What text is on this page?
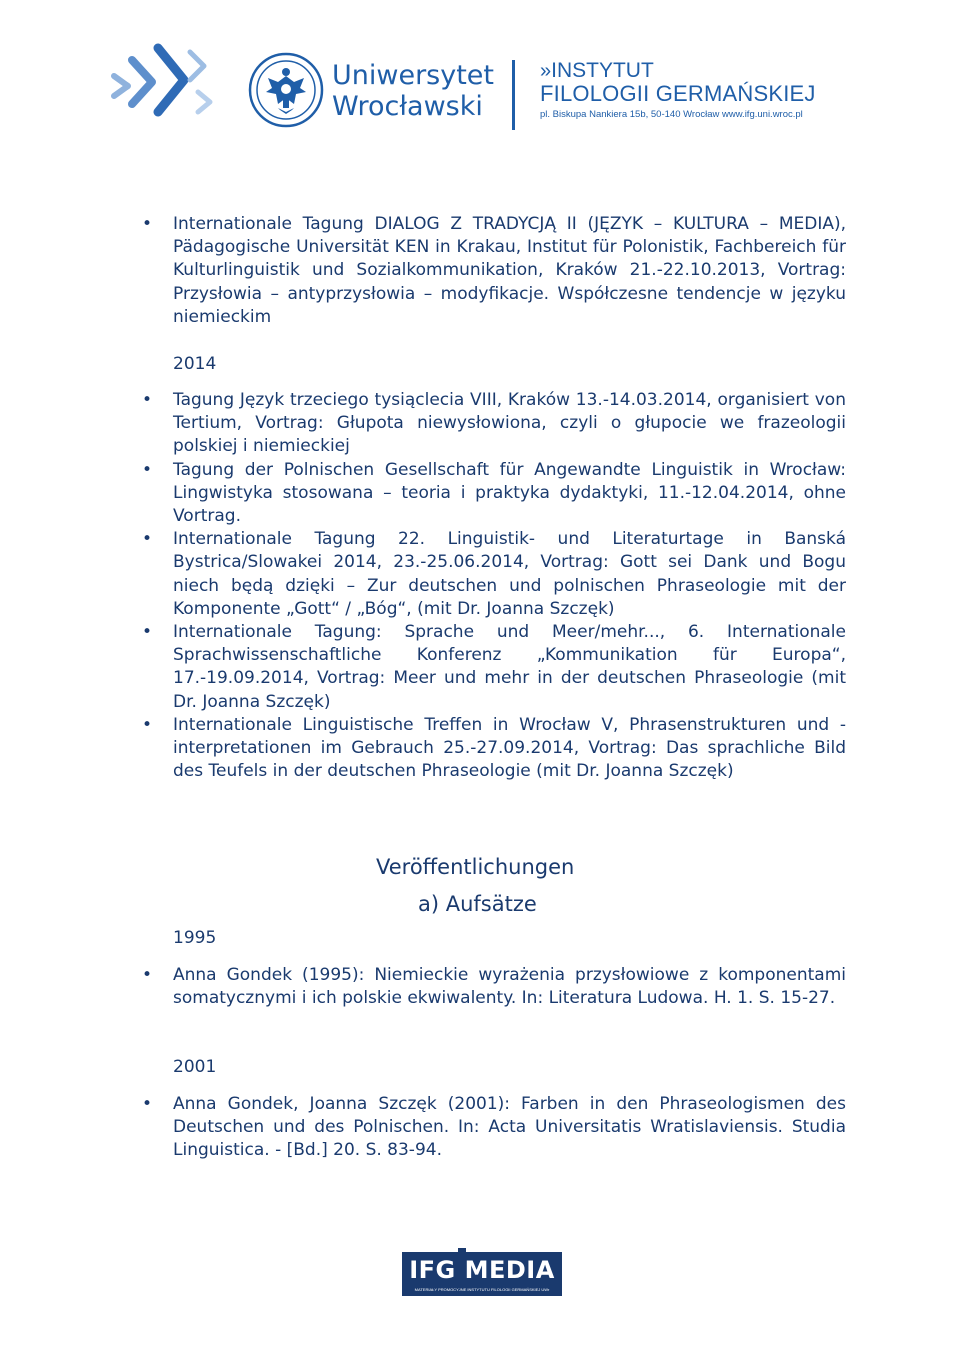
Uniwersytet
Wrocławski
»INSTYTUT
FILOLOGII GERMAŃSKIEJ
pl. Biskupa Nankiera 15b, 50-140 Wrocław www.ifg.uni.wroc.pl
• Internationale Tagung DIALOG Z TRADYCJĄ II (JĘZYK – KULTURA – MEDIA), Pädagogische Universität KEN in Krakau, Institut für Polonistik, Fachbereich für Kulturlinguistik und Sozialkommunikation, Kraków 21.-22.10.2013, Vortrag: Przysłowia – antyprzysłowia – modyfikacje. Współczesne tendencje w języku niemieckim
2014
• Tagung Język trzeciego tysiąclecia VIII, Kraków 13.-14.03.2014, organisiert von Tertium, Vortrag: Głupota niewysłowiona, czyli o głupocie we frazeologii polskiej i niemieckiej
• Tagung der Polnischen Gesellschaft für Angewandte Linguistik in Wrocław: Lingwistyka stosowana – teoria i praktyka dydaktyki, 11.-12.04.2014, ohne Vortrag.
• Internationale Tagung 22. Linguistik- und Literaturtage in Banská Bystrica/Slowakei 2014, 23.-25.06.2014, Vortrag: Gott sei Dank und Bogu niech będą dzięki – Zur deutschen und polnischen Phraseologie mit der Komponente „Gott“ / „Bóg“, (mit Dr. Joanna Szczęk)
• Internationale Tagung: Sprache und Meer/mehr..., 6. Internationale Sprachwissenschaftliche Konferenz „Kommunikation für Europa“, 17.-19.09.2014, Vortrag: Meer und mehr in der deutschen Phraseologie (mit Dr. Joanna Szczęk)
• Internationale Linguistische Treffen in Wrocław V, Phrasenstrukturen und -interpretationen im Gebrauch 25.-27.09.2014, Vortrag: Das sprachliche Bild des Teufels in der deutschen Phraseologie (mit Dr. Joanna Szczęk)
Veröffentlichungen
a) Aufsätze
1995
• Anna Gondek (1995): Niemieckie wyrażenia przysłowiowe z komponentami somatycznymi i ich polskie ekwiwalenty. In: Literatura Ludowa. H. 1. S. 15-27.
2001
• Anna Gondek, Joanna Szczęk (2001): Farben in den Phraseologismen des Deutschen und des Polnischen. In: Acta Universitatis Wratislaviensis. Studia Linguistica. - [Bd.] 20. S. 83-94.
IFG MEDIA
MATERIAŁY PROMOCYJNE INSTYTUTU FILOLOGII GERMAŃSKIEJ UWr
